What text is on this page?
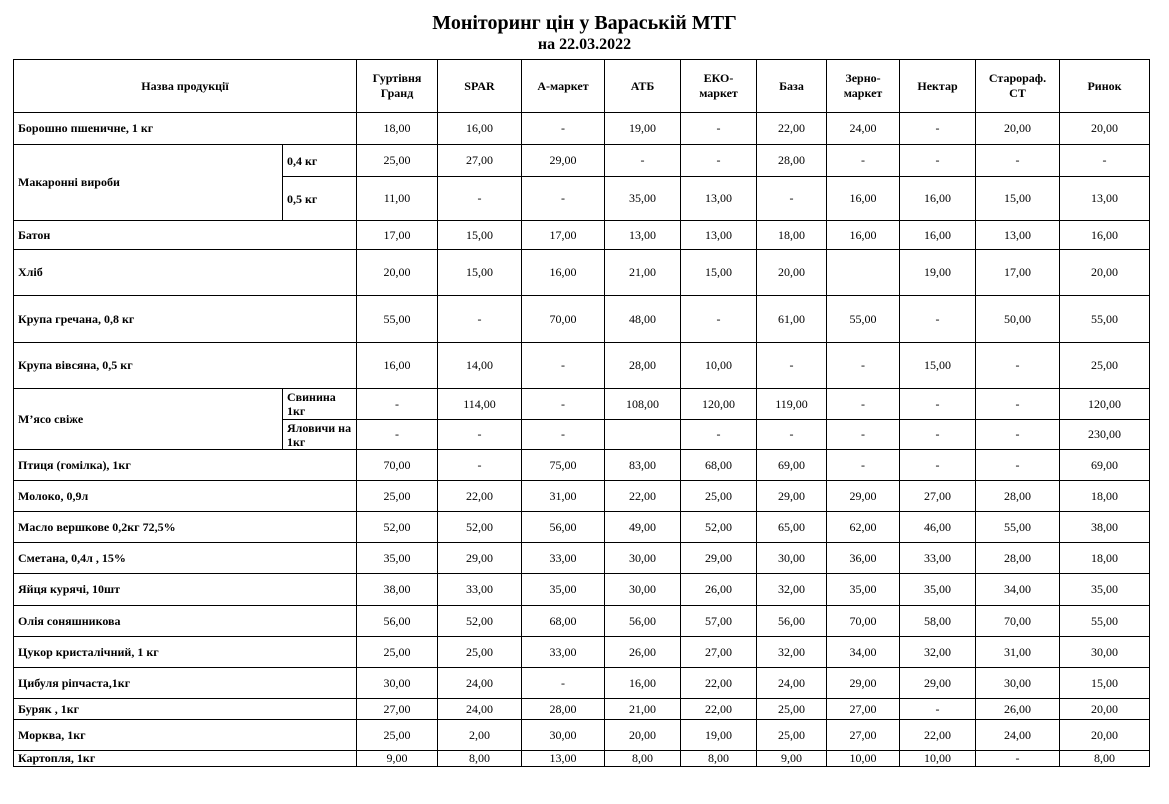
Моніторинг цін у Вараській МТГ
на 22.03.2022
Назва продукції		Гуртівня Гранд	SPAR	А-маркет	АТБ	ЕКО-маркет	База	Зерно-маркет	Нектар	Старораф. СТ	Ринок
Борошно пшеничне, 1 кг		18,00	16,00	-	19,00	-	22,00	24,00	-	20,00	20,00
Макаронні вироби	0,4 кг	25,00	27,00	29,00	-	-	28,00	-	-	-	-
	0,5 кг	11,00	-	-	35,00	13,00	-	16,00	16,00	15,00	13,00
Батон		17,00	15,00	17,00	13,00	13,00	18,00	16,00	16,00	13,00	16,00
Хліб		20,00	15,00	16,00	21,00	15,00	20,00		19,00	17,00	20,00
Крупа гречана, 0,8 кг		55,00	-	70,00	48,00	-	61,00	55,00	-	50,00	55,00
Крупа вівсяна, 0,5 кг		16,00	14,00	-	28,00	10,00	-	-	15,00	-	25,00
М’ясо свіже	Свинина 1кг	-	114,00	-	108,00	120,00	119,00	-	-	-	120,00
	Яловичи на 1кг	-	-	-		-	-	-	-	-	230,00
Птиця (гомілка), 1кг		70,00	-	75,00	83,00	68,00	69,00	-	-	-	69,00
Молоко, 0,9л		25,00	22,00	31,00	22,00	25,00	29,00	29,00	27,00	28,00	18,00
Масло вершкове 0,2кг 72,5%		52,00	52,00	56,00	49,00	52,00	65,00	62,00	46,00	55,00	38,00
Сметана, 0,4л , 15%		35,00	29,00	33,00	30,00	29,00	30,00	36,00	33,00	28,00	18,00
Яйця курячі, 10шт		38,00	33,00	35,00	30,00	26,00	32,00	35,00	35,00	34,00	35,00
Олія соняшникова		56,00	52,00	68,00	56,00	57,00	56,00	70,00	58,00	70,00	55,00
Цукор кристалічний, 1 кг		25,00	25,00	33,00	26,00	27,00	32,00	34,00	32,00	31,00	30,00
Цибуля ріпчаста,1кг		30,00	24,00	-	16,00	22,00	24,00	29,00	29,00	30,00	15,00
Буряк , 1кг		27,00	24,00	28,00	21,00	22,00	25,00	27,00	-	26,00	20,00
Морква, 1кг		25,00	2,00	30,00	20,00	19,00	25,00	27,00	22,00	24,00	20,00
Картопля, 1кг		9,00	8,00	13,00	8,00	8,00	9,00	10,00	10,00	-	8,00
